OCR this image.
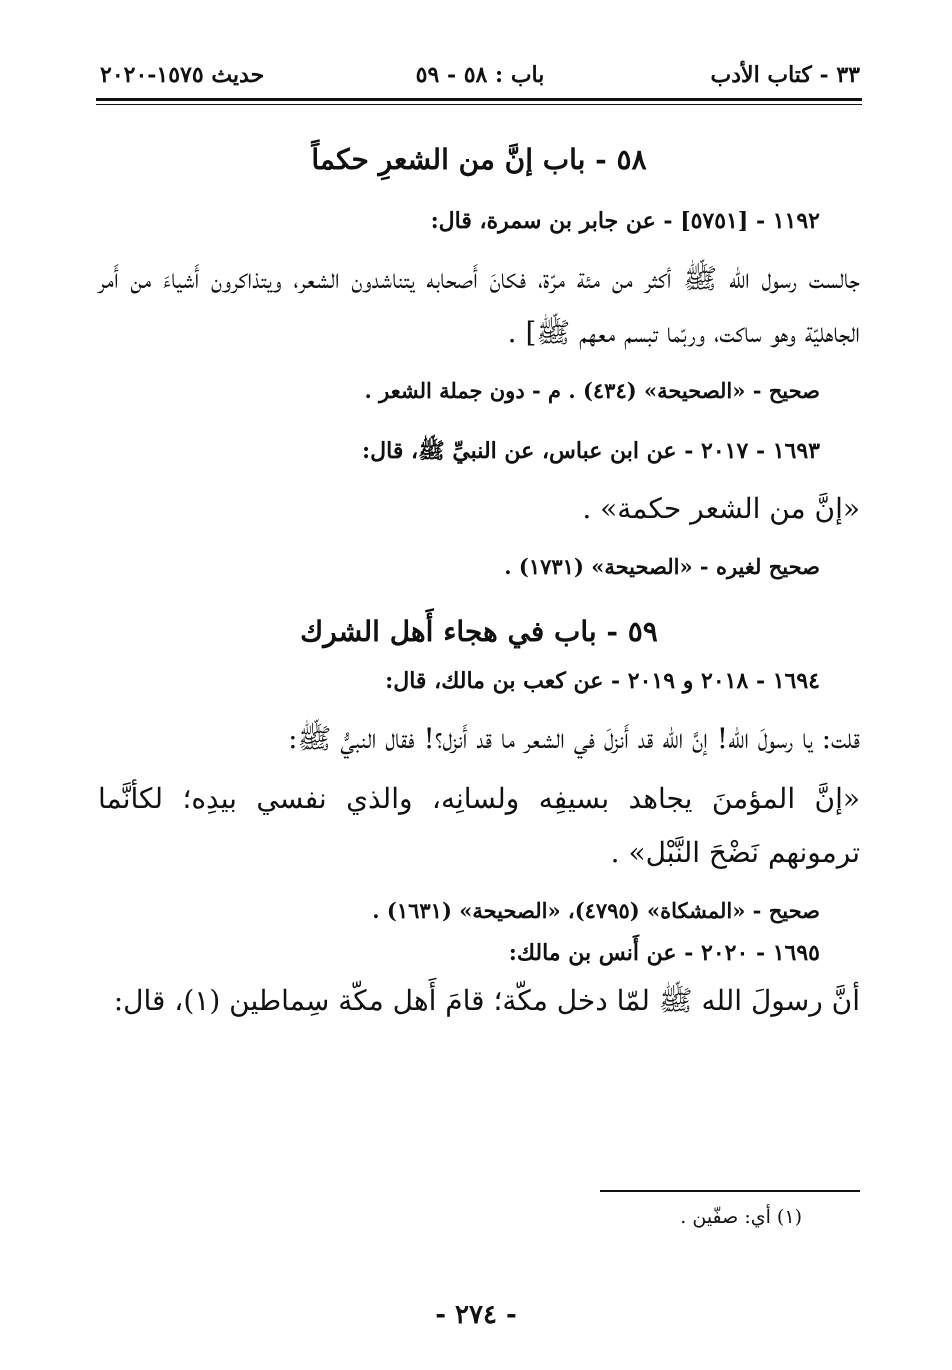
٣٣ - كتاب الأدب
باب : ٥٨ - ٥٩
حديث ١٥٧٥-٢٠٢٠
٥٨ - باب إنَّ من الشعرِ حكماً
١١٩٢ - [٥٧٥١] - عن جابر بن سمرة، قال:
جالست رسول الله ﷺ أكثر من مئة مرّة، فكانَ أَصحابه يتناشدون الشعر، ويتذاكرون أَشياءَ من أَمر الجاهليّة وهو ساكت، وربّما تبسم معهم ﷺ] .
صحيح - «الصحيحة» (٤٣٤) . م - دون جملة الشعر .
١٦٩٣ - ٢٠١٧ - عن ابن عباس، عن النبيِّ ﷺ، قال:
«إنَّ من الشعر حكمة» .
صحيح لغيره - «الصحيحة» (١٧٣١) .
٥٩ - باب في هجاء أَهل الشرك
١٦٩٤ - ٢٠١٨ و ٢٠١٩ - عن كعب بن مالك، قال:
قلت: يا رسولَ الله! إنَّ الله قد أَنزلَ في الشعر ما قد أَنزل؟! فقال النبيُّ ﷺ:
«إنَّ المؤمنَ يجاهد بسيفِه ولسانِه، والذي نفسي بيدِه؛ لكأنَّما ترمونهم نَضْحَ النَّبْل» .
صحيح - «المشكاة» (٤٧٩٥)، «الصحيحة» (١٦٣١) .
١٦٩٥ - ٢٠٢٠ - عن أَنس بن مالك:
أنَّ رسولَ الله ﷺ لمّا دخل مكّة؛ قامَ أَهل مكّة سِماطين (١)، قال:
(١) أي: صفّين .
- ٢٧٤ -
